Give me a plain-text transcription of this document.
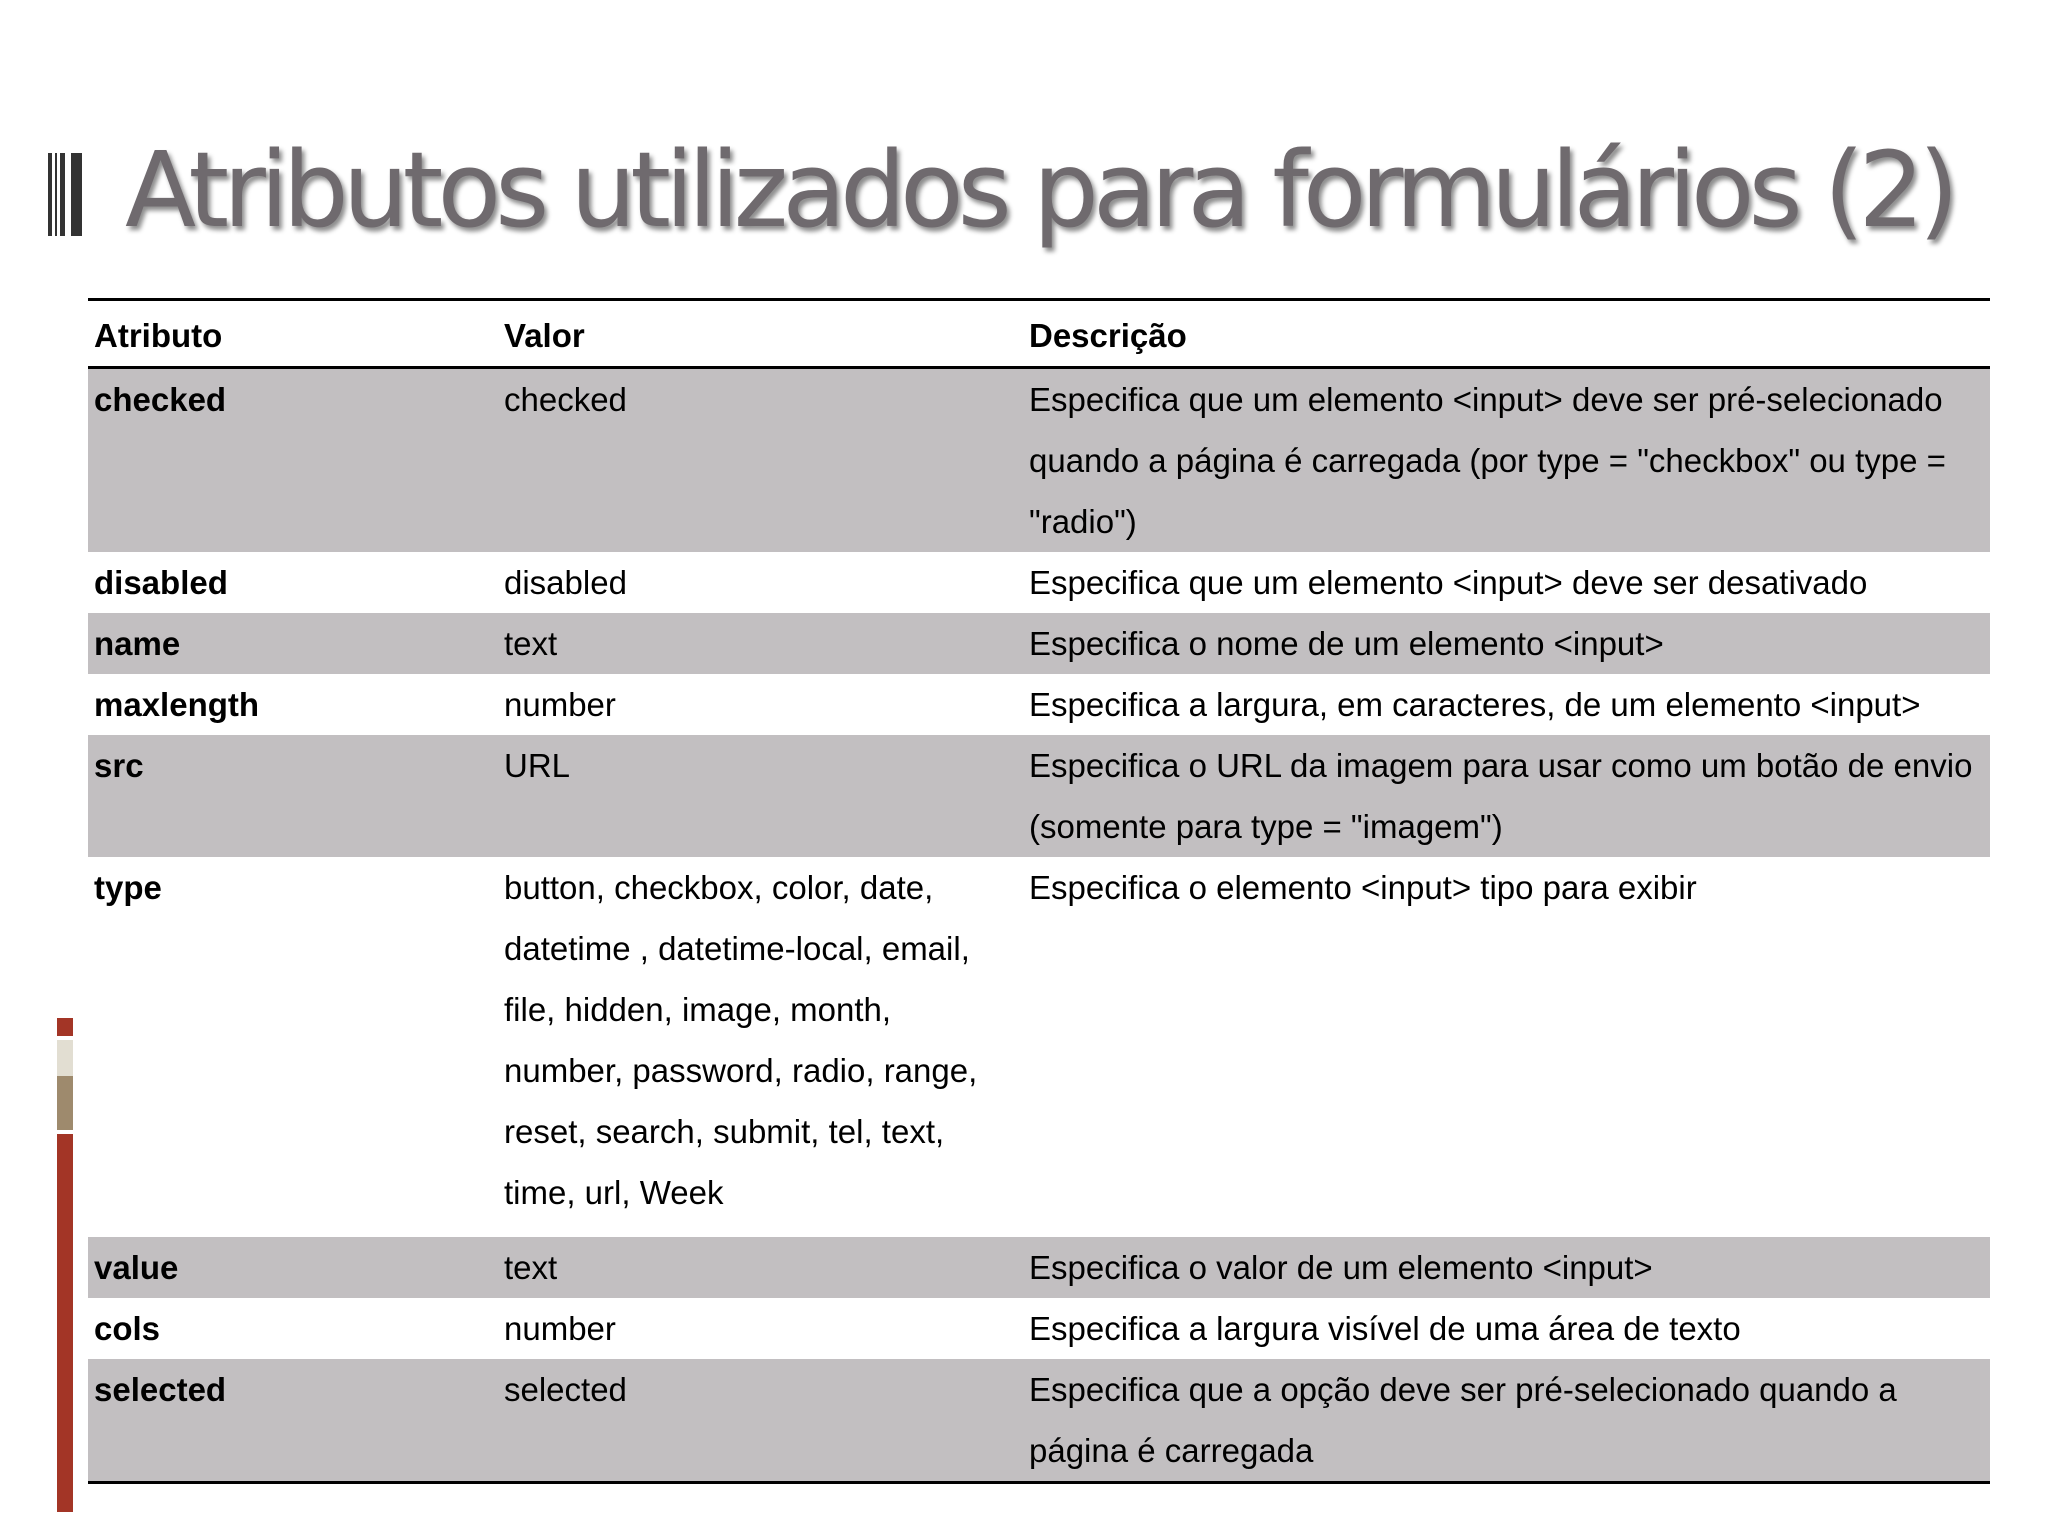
Atributos utilizados para formulários (2)
Atributo	Valor	Descrição
checked	checked	Especifica que um elemento <input> deve ser pré-selecionado quando a página é carregada (por type = "checkbox" ou type = "radio")
disabled	disabled	Especifica que um elemento <input> deve ser desativado
name	text	Especifica o nome de um elemento <input>
maxlength	number	Especifica a largura, em caracteres, de um elemento <input>
src	URL	Especifica o URL da imagem para usar como um botão de envio (somente para type = "imagem")
type	button, checkbox, color, date, datetime , datetime-local, email, file, hidden, image, month, number, password, radio, range, reset, search, submit, tel, text, time, url, Week	Especifica o elemento <input> tipo para exibir
value	text	Especifica o valor de um elemento <input>
cols	number	Especifica a largura visível de uma área de texto
selected	selected	Especifica que a opção deve ser pré-selecionado quando a página é carregada
